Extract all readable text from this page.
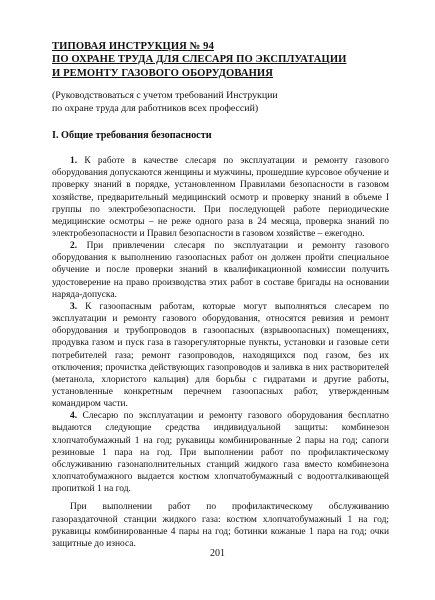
ТИПОВАЯ ИНСТРУКЦИЯ № 94
ПО ОХРАНЕ ТРУДА ДЛЯ СЛЕСАРЯ ПО ЭКСПЛУАТАЦИИ
И РЕМОНТУ ГАЗОВОГО ОБОРУДОВАНИЯ
(Руководствоваться с учетом требований Инструкции
по охране труда для работников всех профессий)
I. Общие требования безопасности

1. К работе в качестве слесаря по эксплуатации и ремонту газового оборудования допускаются женщины и мужчины, прошедшие курсовое обучение и проверку знаний в порядке, установленном Правилами безопасности в газовом хозяйстве, предварительный медицинский осмотр и проверку знаний в объеме I группы по электробезопасности. При последующей работе периодические медицинские осмотры – не реже одного раза в 24 месяца, проверка знаний по электробезопасности и Правил безопасности в газовом хозяйстве – ежегодно.

2. При привлечении слесаря по эксплуатации и ремонту газового оборудования к выполнению газоопасных работ он должен пройти специальное обучение и после проверки знаний в квалификационной комиссии получить удостоверение на право производства этих работ в составе бригады на основании наряда-допуска.

3. К газоопасным работам, которые могут выполняться слесарем по эксплуатации и ремонту газового оборудования, относятся ревизия и ремонт оборудования и трубопроводов в газоопасных (взрывоопасных) помещениях, продувка газом и пуск газа в газорегуляторные пункты, установки и газовые сети потребителей газа; ремонт газопроводов, находящихся под газом, без их отключения; прочистка действующих газопроводов и заливка в них растворителей (метанола, хлористого кальция) для борьбы с гидратами и другие работы, установленные конкретным перечнем газоопасных работ, утвержденным командиром части.

4. Слесарю по эксплуатации и ремонту газового оборудования бесплатно выдаются следующие средства индивидуальной защиты: комбинезон хлопчатобумажный 1 на год; рукавицы комбинированные 2 пары на год; сапоги резиновые 1 пара на год. При выполнении работ по профилактическому обслуживанию газонаполнительных станций жидкого газа вместо комбинезона хлопчатобумажного выдается костюм хлопчатобумажный с водоотталкивающей пропиткой 1 на год.

При выполнении работ по профилактическому обслуживанию газораздаточной станции жидкого газа: костюм хлопчатобумажный 1 на год; рукавицы комбинированные 4 пары на год; ботинки кожаные 1 пара на год; очки защитные до износа.

201
